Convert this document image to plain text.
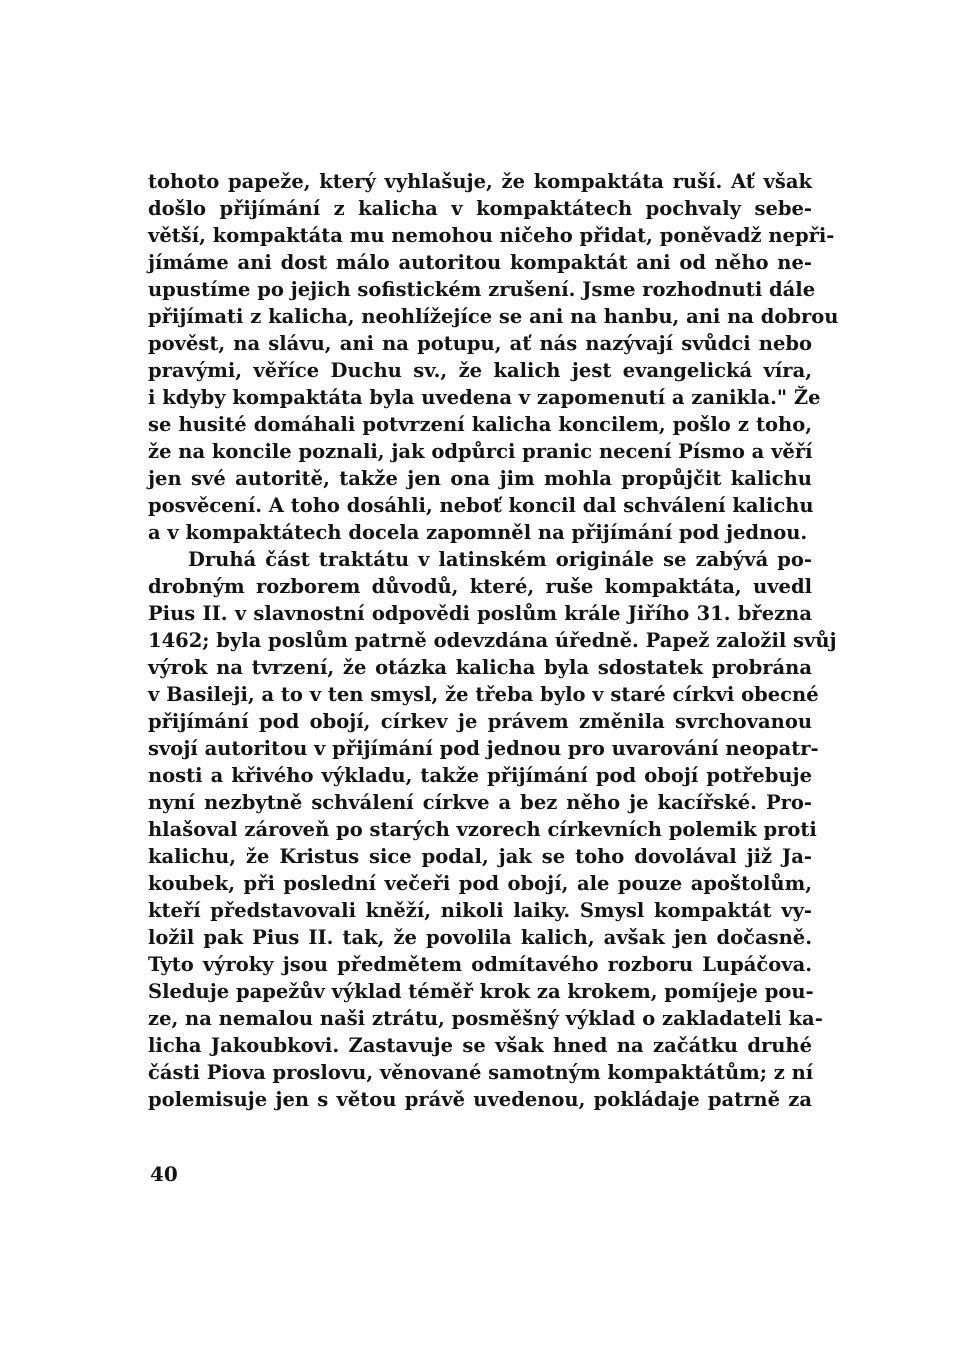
tohoto papeže, který vyhlašuje, že kompaktáta ruší. Ať však
došlo přijímání z kalicha v kompaktátech pochvaly sebe-
větší, kompaktáta mu nemohou ničeho přidat, poněvadž nepři-
jímáme ani dost málo autoritou kompaktát ani od něho ne-
upustíme po jejich sofistickém zrušení. Jsme rozhodnuti dále
přijímati z kalicha, neohlížejíce se ani na hanbu, ani na dobrou
pověst, na slávu, ani na potupu, ať nás nazývají svůdci nebo
pravými, věříce Duchu sv., že kalich jest evangelická víra,
i kdyby kompaktáta byla uvedena v zapomenutí a zanikla." Že
se husité domáhali potvrzení kalicha koncilem, pošlo z toho,
že na koncile poznali, jak odpůrci pranic necení Písmo a věří
jen své autoritě, takže jen ona jim mohla propůjčit kalichu
posvěcení. A toho dosáhli, neboť koncil dal schválení kalichu
a v kompaktátech docela zapomněl na přijímání pod jednou.
Druhá část traktátu v latinském originále se zabývá po-
drobným rozborem důvodů, které, ruše kompaktáta, uvedl
Pius II. v slavnostní odpovědi poslům krále Jiřího 31. března
1462; byla poslům patrně odevzdána úředně. Papež založil svůj
výrok na tvrzení, že otázka kalicha byla sdostatek probrána
v Basileji, a to v ten smysl, že třeba bylo v staré církvi obecné
přijímání pod obojí, církev je právem změnila svrchovanou
svojí autoritou v přijímání pod jednou pro uvarování neopatr-
nosti a křivého výkladu, takže přijímání pod obojí potřebuje
nyní nezbytně schválení církve a bez něho je kacířské. Pro-
hlašoval zároveň po starých vzorech církevních polemik proti
kalichu, že Kristus sice podal, jak se toho dovolával již Ja-
koubek, při poslední večeři pod obojí, ale pouze apoštolům,
kteří představovali kněží, nikoli laiky. Smysl kompaktát vy-
ložil pak Pius II. tak, že povolila kalich, avšak jen dočasně.
Tyto výroky jsou předmětem odmítavého rozboru Lupáčova.
Sleduje papežův výklad téměř krok za krokem, pomíjeje pou-
ze, na nemalou naši ztrátu, posměšný výklad o zakladateli ka-
licha Jakoubkovi. Zastavuje se však hned na začátku druhé
části Piova proslovu, věnované samotným kompaktátům; z ní
polemisuje jen s větou právě uvedenou, pokládaje patrně za
40
